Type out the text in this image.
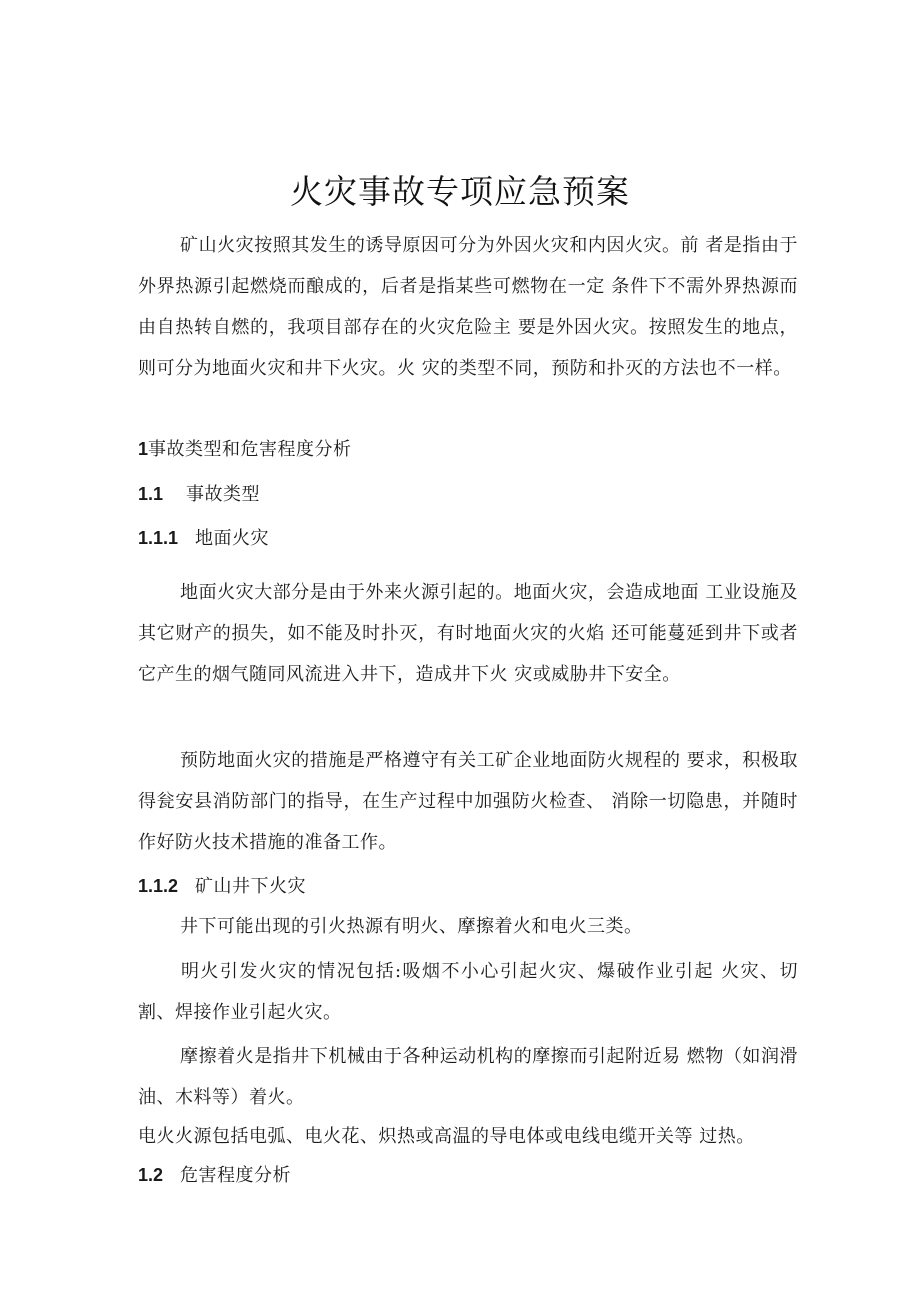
火灾事故专项应急预案

矿山火灾按照其发生的诱导原因可分为外因火灾和内因火灾。前 者是指由于外界热源引起燃烧而酿成的，后者是指某些可燃物在一定 条件下不需外界热源而由自热转自燃的，我项目部存在的火灾危险主 要是外因火灾。按照发生的地点，则可分为地面火灾和井下火灾。火 灾的类型不同，预防和扑灭的方法也不一样。

1事故类型和危害程度分析
1.1 事故类型
1.1.1 地面火灾

地面火灾大部分是由于外来火源引起的。地面火灾，会造成地面 工业设施及其它财产的损失，如不能及时扑灭，有时地面火灾的火焰 还可能蔓延到井下或者它产生的烟气随同风流进入井下，造成井下火 灾或威胁井下安全。

预防地面火灾的措施是严格遵守有关工矿企业地面防火规程的 要求，积极取得瓮安县消防部门的指导，在生产过程中加强防火检查、 消除一切隐患，并随时作好防火技术措施的准备工作。

1.1.2 矿山井下火灾

井下可能出现的引火热源有明火、摩擦着火和电火三类。

明火引发火灾的情况包括:吸烟不小心引起火灾、爆破作业引起 火灾、切割、焊接作业引起火灾。

摩擦着火是指井下机械由于各种运动机构的摩擦而引起附近易 燃物（如润滑油、木料等）着火。

电火火源包括电弧、电火花、炽热或高温的导电体或电线电缆开关等 过热。

1.2 危害程度分析
